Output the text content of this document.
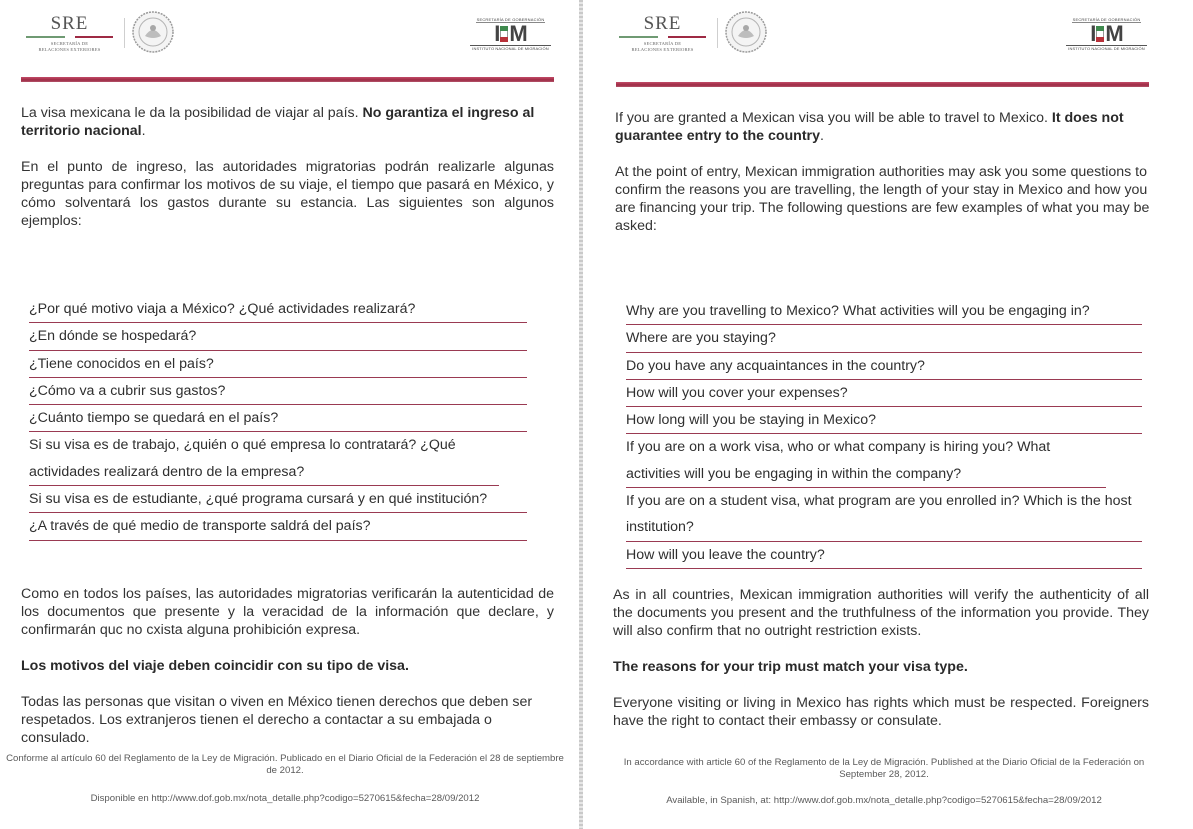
SRE
SECRETARÍA DE
RELACIONES EXTERIORES
SECRETARÍA DE GOBERNACIÓN
I M
INSTITUTO NACIONAL DE MIGRACIÓN
La visa mexicana le da la posibilidad de viajar al país. No garantiza el ingreso al territorio nacional.
En el punto de ingreso, las autoridades migratorias podrán realizarle algunas preguntas para confirmar los motivos de su viaje, el tiempo que pasará en México, y cómo solventará los gastos durante su estancia. Las siguientes son algunos ejemplos:
¿Por qué motivo viaja a México? ¿Qué actividades realizará?
¿En dónde se hospedará?
¿Tiene conocidos en el país?
¿Cómo va a cubrir sus gastos?
¿Cuánto tiempo se quedará en el país?
Si su visa es de trabajo, ¿quién o qué empresa lo contratará? ¿Qué actividades realizará dentro de la empresa?
Si su visa es de estudiante, ¿qué programa cursará y en qué institución?
¿A través de qué medio de transporte saldrá del país?
Como en todos los países, las autoridades migratorias verificarán la autenticidad de los documentos que presente y la veracidad de la información que declare, y confirmarán quc no cxista alguna prohibición expresa.
Los motivos del viaje deben coincidir con su tipo de visa.
Todas las personas que visitan o viven en México tienen derechos que deben ser respetados. Los extranjeros tienen el derecho a contactar a su embajada o consulado.
Conforme al artículo 60 del Reglamento de la Ley de Migración. Publicado en el Diario Oficial de la Federación el 28 de septiembre de 2012.
Disponible en http://www.dof.gob.mx/nota_detalle.php?codigo=5270615&fecha=28/09/2012
SRE
SECRETARÍA DE
RELACIONES EXTERIORES
SECRETARÍA DE GOBERNACIÓN
I M
INSTITUTO NACIONAL DE MIGRACIÓN
If you are granted a Mexican visa you will be able to travel to Mexico. It does not guarantee entry to the country.
At the point of entry, Mexican immigration authorities may ask you some questions to confirm the reasons you are travelling, the length of your stay in Mexico and how you are financing your trip. The following questions are few examples of what you may be asked:
Why are you travelling to Mexico? What activities will you be engaging in?
Where are you staying?
Do you have any acquaintances in the country?
How will you cover your expenses?
How long will you be staying in Mexico?
If you are on a work visa, who or what company is hiring you? What activities will you be engaging in within the company?
If you are on a student visa, what program are you enrolled in? Which is the host institution?
How will you leave the country?
As in all countries, Mexican immigration authorities will verify the authenticity of all the documents you present and the truthfulness of the information you provide. They will also confirm that no outright restriction exists.
The reasons for your trip must match your visa type.
Everyone visiting or living in Mexico has rights which must be respected. Foreigners have the right to contact their embassy or consulate.
In accordance with article 60 of the Reglamento de la Ley de Migración. Published at the Diario Oficial de la Federación on September 28, 2012.
Available, in Spanish, at: http://www.dof.gob.mx/nota_detalle.php?codigo=5270615&fecha=28/09/2012
